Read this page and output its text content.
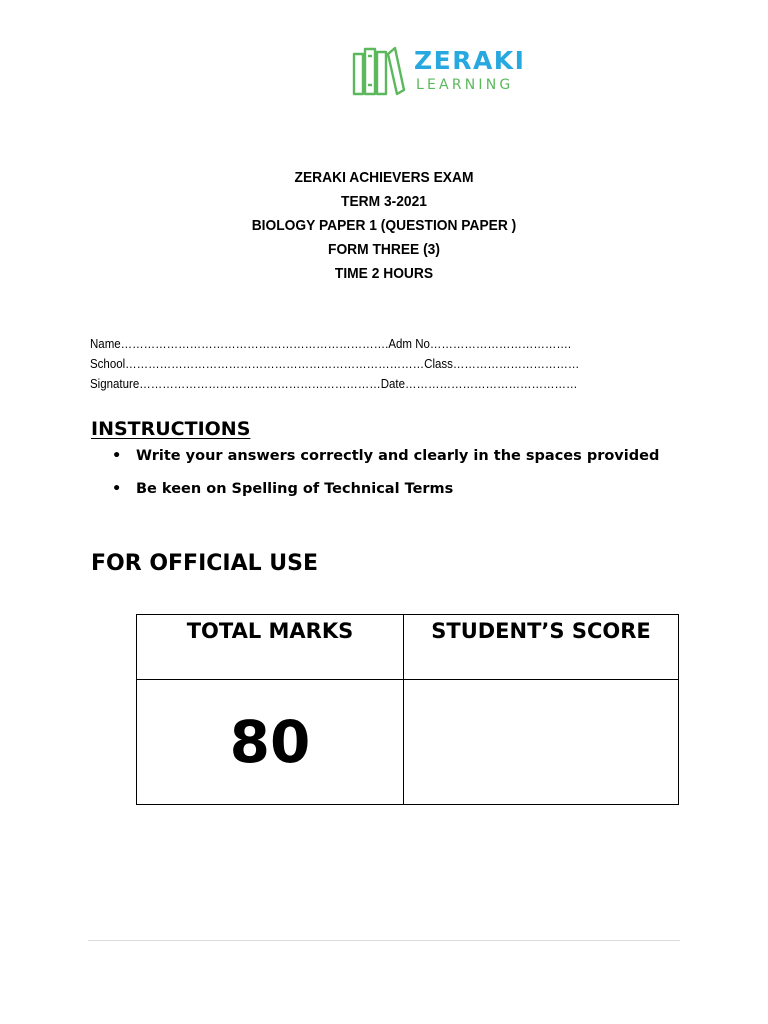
ZERAKI
LEARNING
ZERAKI ACHIEVERS EXAM
TERM 3-2021
BIOLOGY PAPER 1 (QUESTION PAPER )
FORM THREE (3)
TIME 2 HOURS
Name…………………………………………………………….Adm No……………………………….
School……………………………………………………………………Class……………………………
Signature………………………………………………………Date………………………………………
INSTRUCTIONS
• Write your answers correctly and clearly in the spaces provided
• Be keen on Spelling of Technical Terms
FOR OFFICIAL USE
TOTAL MARKS	STUDENT’S SCORE
80	
